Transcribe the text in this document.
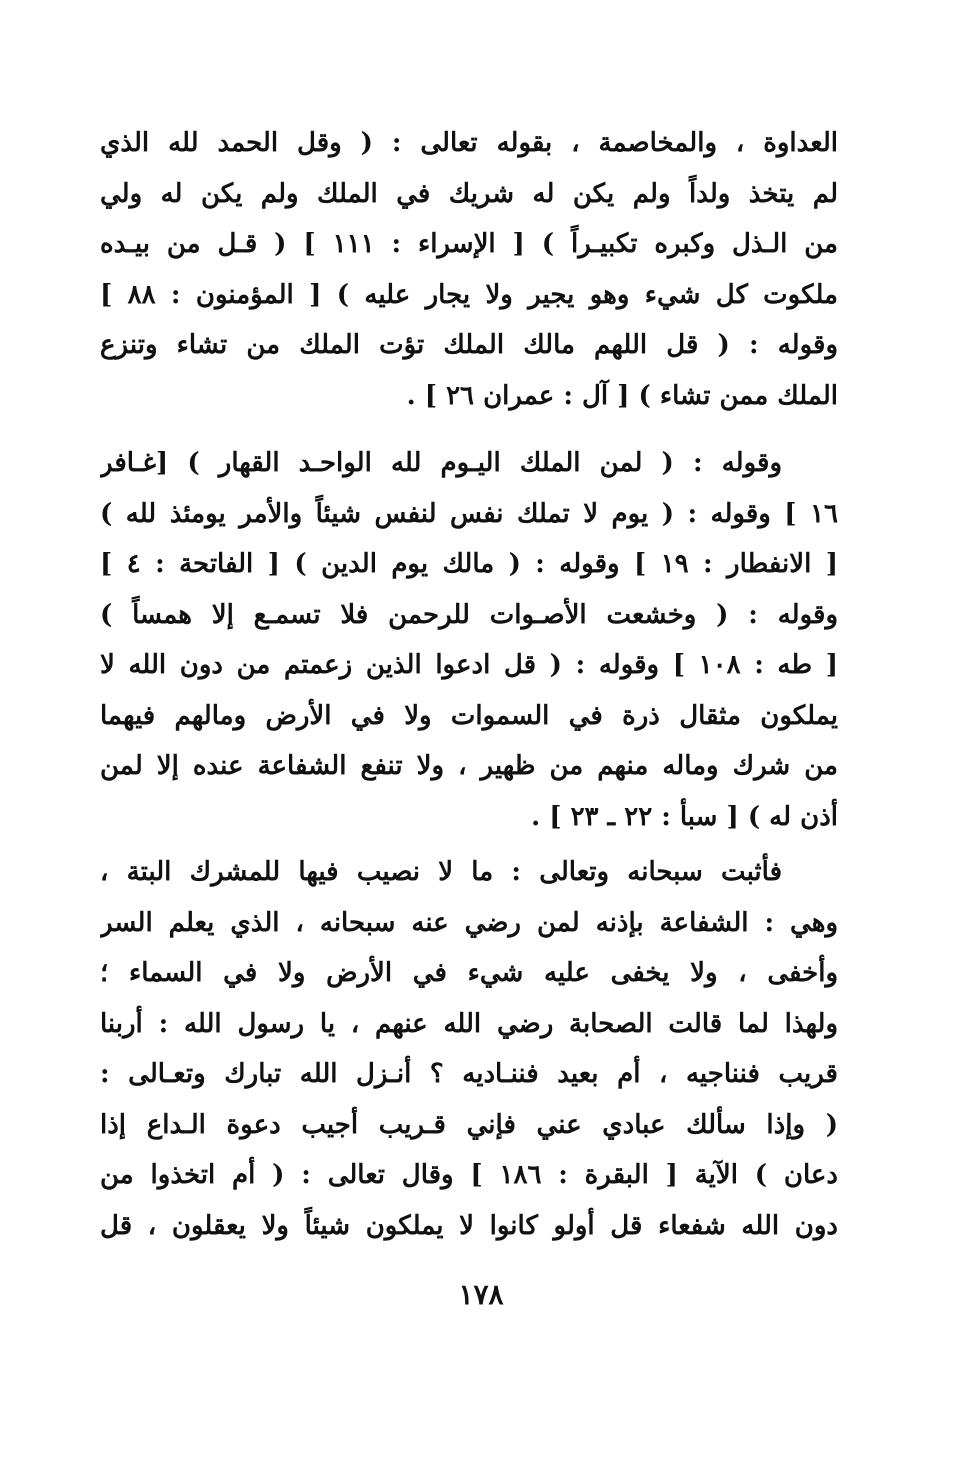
العداوة ، والمخاصمة ، بقوله تعالى : ( وقل الحمد لله الذي
لم يتخذ ولداً ولم يكن له شريك في الملك ولم يكن له ولي
من الـذل وكبره تكبيـراً ) [ الإسراء : ١١١ ] ( قـل من بيـده
ملكوت كل شيء وهو يجير ولا يجار عليه ) [ المؤمنون : ٨٨ ]
وقوله : ( قل اللهم مالك الملك تؤت الملك من تشاء وتنزع
الملك ممن تشاء ) [ آل : عمران ٢٦ ] .
وقوله : ( لمن الملك اليـوم لله الواحـد القهار ) [غـافر
١٦ ] وقوله : ( يوم لا تملك نفس لنفس شيئاً والأمر يومئذ لله )
[ الانفطار : ١٩ ] وقوله : ( مالك يوم الدين ) [ الفاتحة : ٤ ]
وقوله : ( وخشعت الأصـوات للرحمن فلا تسمـع إلا همساً )
[ طه : ١٠٨ ] وقوله : ( قل ادعوا الذين زعمتم من دون الله لا
يملكون مثقال ذرة في السموات ولا في الأرض ومالهم فيهما
من شرك وماله منهم من ظهير ، ولا تنفع الشفاعة عنده إلا لمن
أذن له ) [ سبأ : ٢٢ ـ ٢٣ ] .
فأثبت سبحانه وتعالى : ما لا نصيب فيها للمشرك البتة ،
وهي : الشفاعة بإذنه لمن رضي عنه سبحانه ، الذي يعلم السر
وأخفى ، ولا يخفى عليه شيء في الأرض ولا في السماء ؛
ولهذا لما قالت الصحابة رضي الله عنهم ، يا رسول الله : أربنا
قريب فنناجيه ، أم بعيد فننـاديه ؟ أنـزل الله تبارك وتعـالى :
( وإذا سألك عبادي عني فإني قـريب أجيب دعوة الـداع إذا
دعان ) الآية [ البقرة : ١٨٦ ] وقال تعالى : ( أم اتخذوا من
دون الله شفعاء قل أولو كانوا لا يملكون شيئاً ولا يعقلون ، قل
١٧٨
